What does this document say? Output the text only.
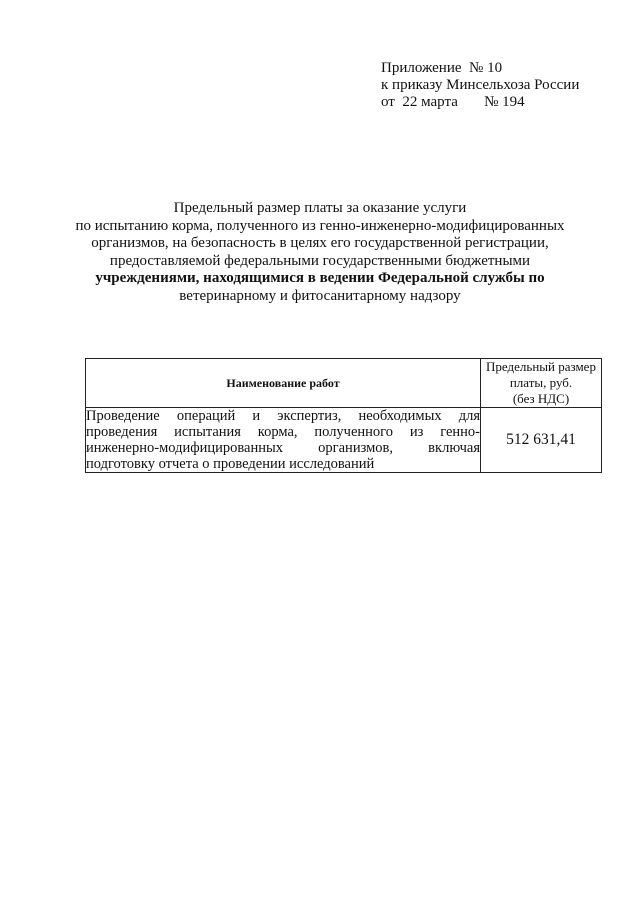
Приложение  № 10
к приказу Минсельхоза России
от  22 марта       № 194
Предельный размер платы за оказание услуги
по испытанию корма, полученного из генно-инженерно-модифицированных
организмов, на безопасность в целях его государственной регистрации,
предоставляемой федеральными государственными бюджетными
учреждениями, находящимися в ведении Федеральной службы по
ветеринарному и фитосанитарному надзору
Наименование работ	Предельный размер
платы, руб.
(без НДС)

Проведение операций и экспертиз, необходимых для
проведения испытания корма, полученного из генно-
инженерно-модифицированных организмов, включая
подготовку отчета о проведении исследований	512 631,41
